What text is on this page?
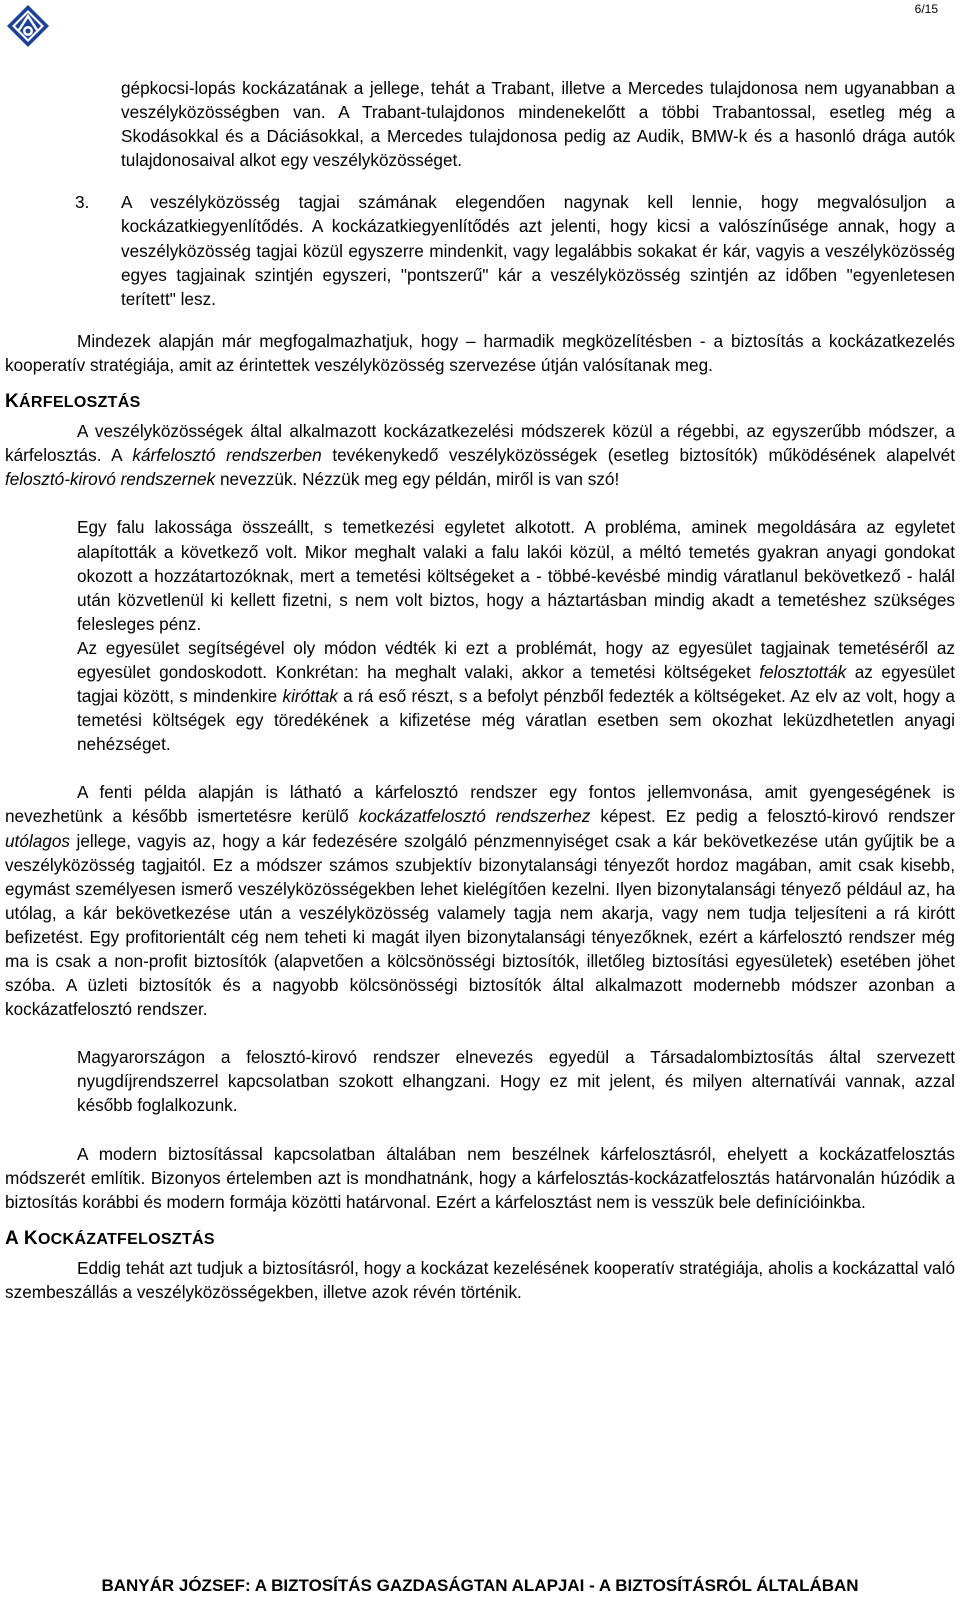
6/15

gépkocsi-lopás kockázatának a jellege, tehát a Trabant, illetve a Mercedes tulajdonosa nem ugyanabban a veszélyközösségben van. A Trabant-tulajdonos mindenekelőtt a többi Trabantossal, esetleg még a Skodásokkal és a Dáciásokkal, a Mercedes tulajdonosa pedig az Audik, BMW-k és a hasonló drága autók tulajdonosaival alkot egy veszélyközösséget.

3. A veszélyközösség tagjai számának elegendően nagynak kell lennie, hogy megvalósuljon a kockázatkiegyenlítődés. A kockázatkiegyenlítődés azt jelenti, hogy kicsi a valószínűsége annak, hogy a veszélyközösség tagjai közül egyszerre mindenkit, vagy legalábbis sokakat ér kár, vagyis a veszélyközösség egyes tagjainak szintjén egyszeri, "pontszerű" kár a veszélyközösség szintjén az időben "egyenletesen terített" lesz.

Mindezek alapján már megfogalmazhatjuk, hogy – harmadik megközelítésben - a biztosítás a kockázatkezelés kooperatív stratégiája, amit az érintettek veszélyközösség szervezése útján valósítanak meg.

KÁRFELOSZTÁS

A veszélyközösségek által alkalmazott kockázatkezelési módszerek közül a régebbi, az egyszerűbb módszer, a kárfelosztás. A kárfelosztó rendszerben tevékenykedő veszélyközösségek (esetleg biztosítók) működésének alapelvét felosztó-kirovó rendszernek nevezzük. Nézzük meg egy példán, miről is van szó!

Egy falu lakossága összeállt, s temetkezési egyletet alkotott. A probléma, aminek megoldására az egyletet alapították a következő volt. Mikor meghalt valaki a falu lakói közül, a méltó temetés gyakran anyagi gondokat okozott a hozzátartozóknak, mert a temetési költségeket a - többé-kevésbé mindig váratlanul bekövetkező - halál után közvetlenül ki kellett fizetni, s nem volt biztos, hogy a háztartásban mindig akadt a temetéshez szükséges felesleges pénz.

Az egyesület segítségével oly módon védték ki ezt a problémát, hogy az egyesület tagjainak temetéséről az egyesület gondoskodott. Konkrétan: ha meghalt valaki, akkor a temetési költségeket felosztották az egyesület tagjai között, s mindenkire kiróttak a rá eső részt, s a befolyt pénzből fedezték a költségeket. Az elv az volt, hogy a temetési költségek egy töredékének a kifizetése még váratlan esetben sem okozhat leküzdhetetlen anyagi nehézséget.

A fenti példa alapján is látható a kárfelosztó rendszer egy fontos jellemvonása, amit gyengeségének is nevezhetünk a később ismertetésre kerülő kockázatfelosztó rendszerhez képest. Ez pedig a felosztó-kirovó rendszer utólagos jellege, vagyis az, hogy a kár fedezésére szolgáló pénzmennyiséget csak a kár bekövetkezése után gyűjtik be a veszélyközösség tagjaitól. Ez a módszer számos szubjektív bizonytalansági tényezőt hordoz magában, amit csak kisebb, egymást személyesen ismerő veszélyközösségekben lehet kielégítően kezelni. Ilyen bizonytalansági tényező például az, ha utólag, a kár bekövetkezése után a veszélyközösség valamely tagja nem akarja, vagy nem tudja teljesíteni a rá kirótt befizetést. Egy profitorientált cég nem teheti ki magát ilyen bizonytalansági tényezőknek, ezért a kárfelosztó rendszer még ma is csak a non-profit biztosítók (alapvetően a kölcsönösségi biztosítók, illetőleg biztosítási egyesületek) esetében jöhet szóba. A üzleti biztosítók és a nagyobb kölcsönösségi biztosítók által alkalmazott modernebb módszer azonban a kockázatfelosztó rendszer.

Magyarországon a felosztó-kirovó rendszer elnevezés egyedül a Társadalombiztosítás által szervezett nyugdíjrendszerrel kapcsolatban szokott elhangzani. Hogy ez mit jelent, és milyen alternatívái vannak, azzal később foglalkozunk.

A modern biztosítással kapcsolatban általában nem beszélnek kárfelosztásról, ehelyett a kockázatfelosztás módszerét említik. Bizonyos értelemben azt is mondhatnánk, hogy a kárfelosztás-kockázatfelosztás határvonalán húzódik a biztosítás korábbi és modern formája közötti határvonal. Ezért a kárfelosztást nem is vesszük bele definícióinkba.

A KOCKÁZATFELOSZTÁS

Eddig tehát azt tudjuk a biztosításról, hogy a kockázat kezelésének kooperatív stratégiája, aholis a kockázattal való szembeszállás a veszélyközösségekben, illetve azok révén történik.

BANYÁR JÓZSEF: A BIZTOSÍTÁS GAZDASÁGTAN ALAPJAI - A BIZTOSÍTÁSRÓL ÁLTALÁBAN
